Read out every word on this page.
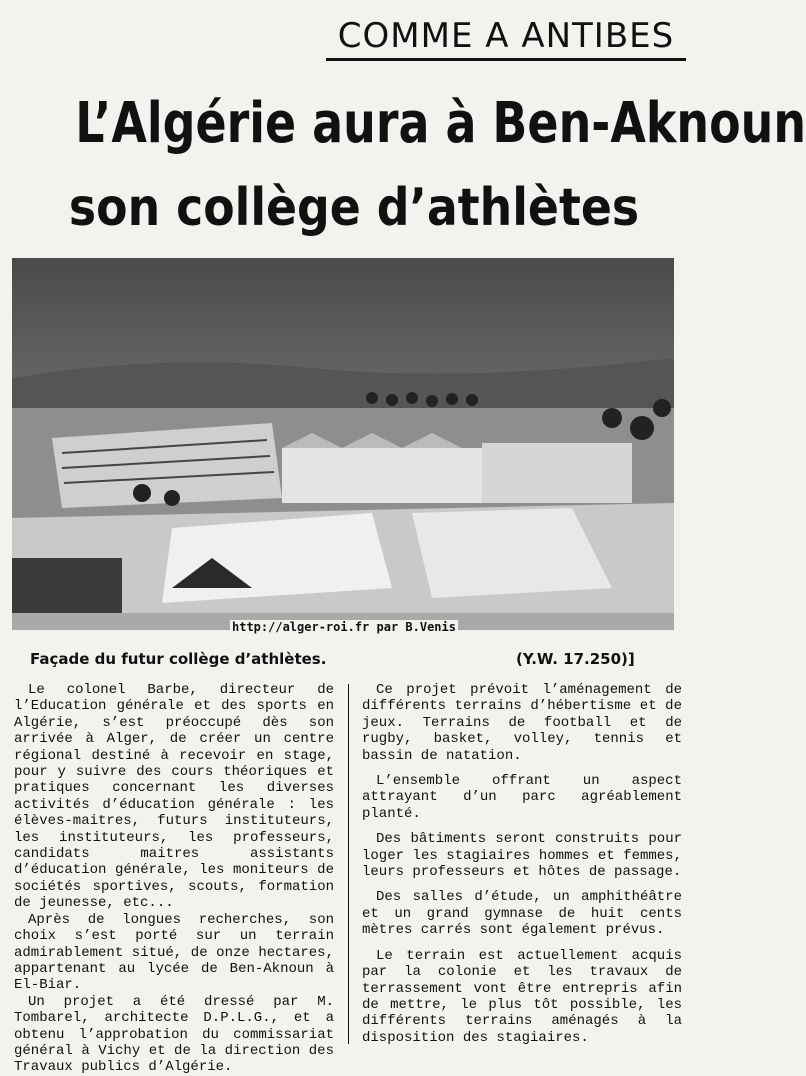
COMME A ANTIBES
L’Algérie aura à Ben-Aknoun
son collège d’athlètes
http://alger-roi.fr par B.Venis
Façade du futur collège d’athlètes.	(Y.W. 17.250)]

Le colonel Barbe, directeur de l’Education générale et des sports en Algérie, s’est préoccupé dès son arrivée à Alger, de créer un centre régional destiné à recevoir en stage, pour y suivre des cours théoriques et pratiques concernant les diverses activités d’éducation générale : les élèves-maitres, futurs instituteurs, les instituteurs, les professeurs, candidats maitres assistants d’éducation générale, les moniteurs de sociétés sportives, scouts, formation de jeunesse, etc...

Après de longues recherches, son choix s’est porté sur un terrain admirablement situé, de onze hectares, appartenant au lycée de Ben-Aknoun à El-Biar.

Un projet a été dressé par M. Tombarel, architecte D.P.L.G., et a obtenu l’approbation du commissariat général à Vichy et de la direction des Travaux publics d’Algérie.

Ce projet prévoit l’aménagement de différents terrains d’hébertisme et de jeux. Terrains de football et de rugby, basket, volley, tennis et bassin de natation.

L’ensemble offrant un aspect attrayant d’un parc agréablement planté.

Des bâtiments seront construits pour loger les stagiaires hommes et femmes, leurs professeurs et hôtes de passage.

Des salles d’étude, un amphithéâtre et un grand gymnase de huit cents mètres carrés sont également prévus.

Le terrain est actuellement acquis par la colonie et les travaux de terrassement vont être entrepris afin de mettre, le plus tôt possible, les différents terrains aménagés à la disposition des stagiaires.
